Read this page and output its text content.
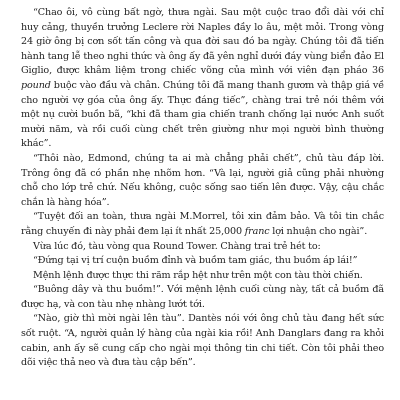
“Chao ôi, vô cùng bất ngờ, thưa ngài. Sau một cuộc trao đổi dài với chỉ huy cảng, thuyền trưởng Leclere rời Naples đầy lo âu, mệt mỏi. Trong vòng 24 giờ ông bị cơn sốt tấn công và qua đời sau đó ba ngày. Chúng tôi đã tiến hành tang lễ theo nghi thức và ông ấy đã yên nghỉ dưới đáy vùng biển đảo El Giglio, được khâm liệm trong chiếc võng của mình với viên đạn pháo 36 pound buộc vào đầu và chân. Chúng tôi đã mang thanh gươm và thập giá về cho người vợ góa của ông ấy. Thực đáng tiếc”, chàng trai trẻ nói thêm với một nụ cười buồn bã, “khi đã tham gia chiến tranh chống lại nước Anh suốt mười năm, và rồi cuối cùng chết trên giường như mọi người bình thường khác”.

“Thôi nào, Edmond, chúng ta ai mà chẳng phải chết”, chủ tàu đáp lời. Trông ông đã có phần nhẹ nhõm hơn. “Và lại, người giả cũng phải nhường chỗ cho lớp trẻ chứ. Nếu không, cuộc sống sao tiến lên được. Vậy, cậu chắc chắn là hàng hóa”.

“Tuyệt đối an toàn, thưa ngài M.Morrel, tôi xin đảm bảo. Và tôi tin chắc rằng chuyến đi này phải đem lại ít nhất 25,000 franc lợi nhuận cho ngài”.

Vừa lúc đó, tàu vòng qua Round Tower. Chàng trai trẻ hét to:

“Đứng tại vị trí cuộn buồm đỉnh và buồm tam giác, thu buồm áp lái!”

Mệnh lệnh được thực thi răm rắp hệt như trên một con tàu thời chiến.

“Buông dây và thu buồm!”. Với mệnh lệnh cuối cùng này, tất cả buồm đã được hạ, và con tàu nhẹ nhàng lướt tới.

“Nào, giờ thì mời ngài lên tàu”. Dantès nói với ông chủ tàu đang hết sức sốt ruột. “A, người quản lý hàng của ngài kia rồi! Anh Danglars đang ra khỏi cabin, anh ấy sẽ cung cấp cho ngài mọi thông tin chi tiết. Còn tôi phải theo dõi việc thả neo và đưa tàu cập bến”.
